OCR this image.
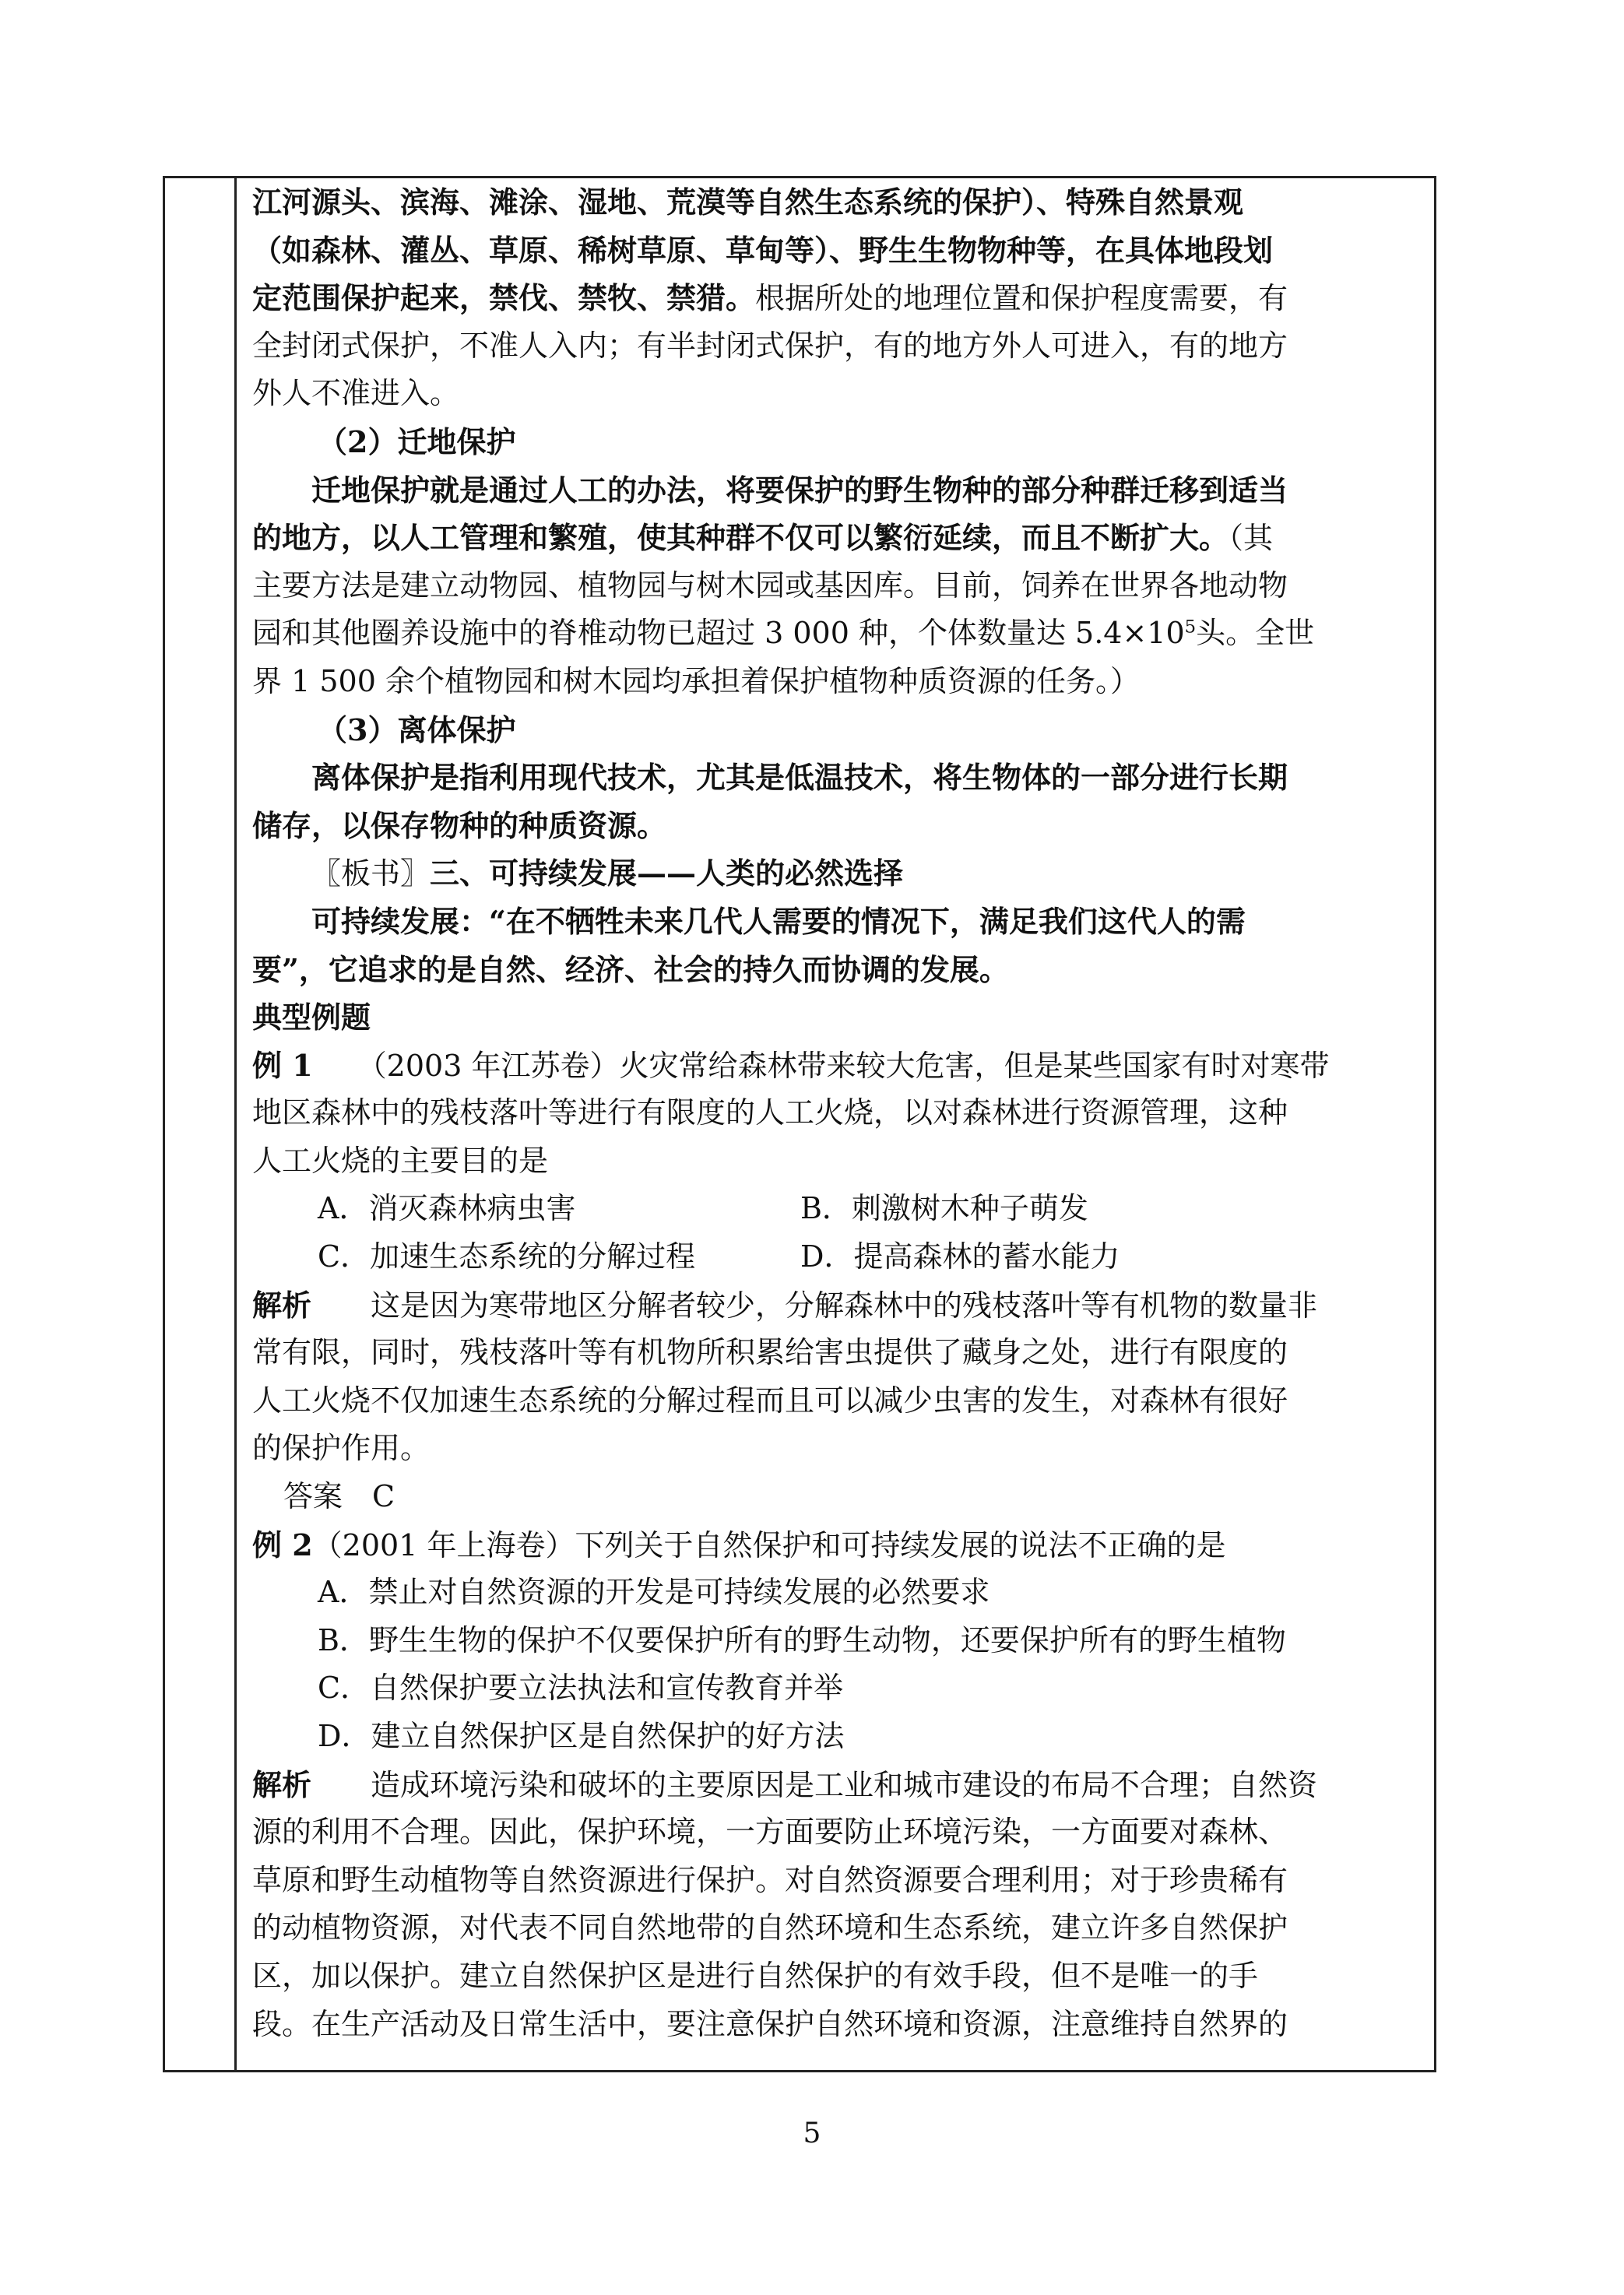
江河源头、滨海、滩涂、湿地、荒漠等自然生态系统的保护）、特殊自然景观
（如森林、灌丛、草原、稀树草原、草甸等）、野生生物物种等，在具体地段划
定范围保护起来，禁伐、禁牧、禁猎。根据所处的地理位置和保护程度需要，有
全封闭式保护，不准人入内；有半封闭式保护，有的地方外人可进入，有的地方
外人不准进入。
（2）迁地保护
迁地保护就是通过人工的办法，将要保护的野生物种的部分种群迁移到适当
的地方，以人工管理和繁殖，使其种群不仅可以繁衍延续，而且不断扩大。（其
主要方法是建立动物园、植物园与树木园或基因库。目前，饲养在世界各地动物
园和其他圈养设施中的脊椎动物已超过 3 000 种，个体数量达 $5.4\times 10^5$头。全世
界 1 500 余个植物园和树木园均承担着保护植物种质资源的任务。）
（3）离体保护
离体保护是指利用现代技术，尤其是低温技术，将生物体的一部分进行长期
储存，以保存物种的种质资源。
〖板书〗三、可持续发展——人类的必然选择
可持续发展：“在不牺牲未来几代人需要的情况下，满足我们这代人的需
要”，它追求的是自然、经济、社会的持久而协调的发展。
典型例题
例 1　　（2003 年江苏卷）火灾常给森林带来较大危害，但是某些国家有时对寒带
地区森林中的残枝落叶等进行有限度的人工火烧，以对森林进行资源管理，这种
人工火烧的主要目的是
A．消灭森林病虫害	B．刺激树木种子萌发
C．加速生态系统的分解过程	D．提高森林的蓄水能力
解析　　这是因为寒带地区分解者较少，分解森林中的残枝落叶等有机物的数量非
常有限，同时，残枝落叶等有机物所积累给害虫提供了藏身之处，进行有限度的
人工火烧不仅加速生态系统的分解过程而且可以减少虫害的发生，对森林有很好
的保护作用。
答案　C
例 2（2001 年上海卷）下列关于自然保护和可持续发展的说法不正确的是
A．禁止对自然资源的开发是可持续发展的必然要求
B．野生生物的保护不仅要保护所有的野生动物，还要保护所有的野生植物
C．自然保护要立法执法和宣传教育并举
D．建立自然保护区是自然保护的好方法
解析　　造成环境污染和破坏的主要原因是工业和城市建设的布局不合理；自然资
源的利用不合理。因此，保护环境，一方面要防止环境污染，一方面要对森林、
草原和野生动植物等自然资源进行保护。对自然资源要合理利用；对于珍贵稀有
的动植物资源，对代表不同自然地带的自然环境和生态系统，建立许多自然保护
区，加以保护。建立自然保护区是进行自然保护的有效手段，但不是唯一的手
段。在生产活动及日常生活中，要注意保护自然环境和资源，注意维持自然界的
5
